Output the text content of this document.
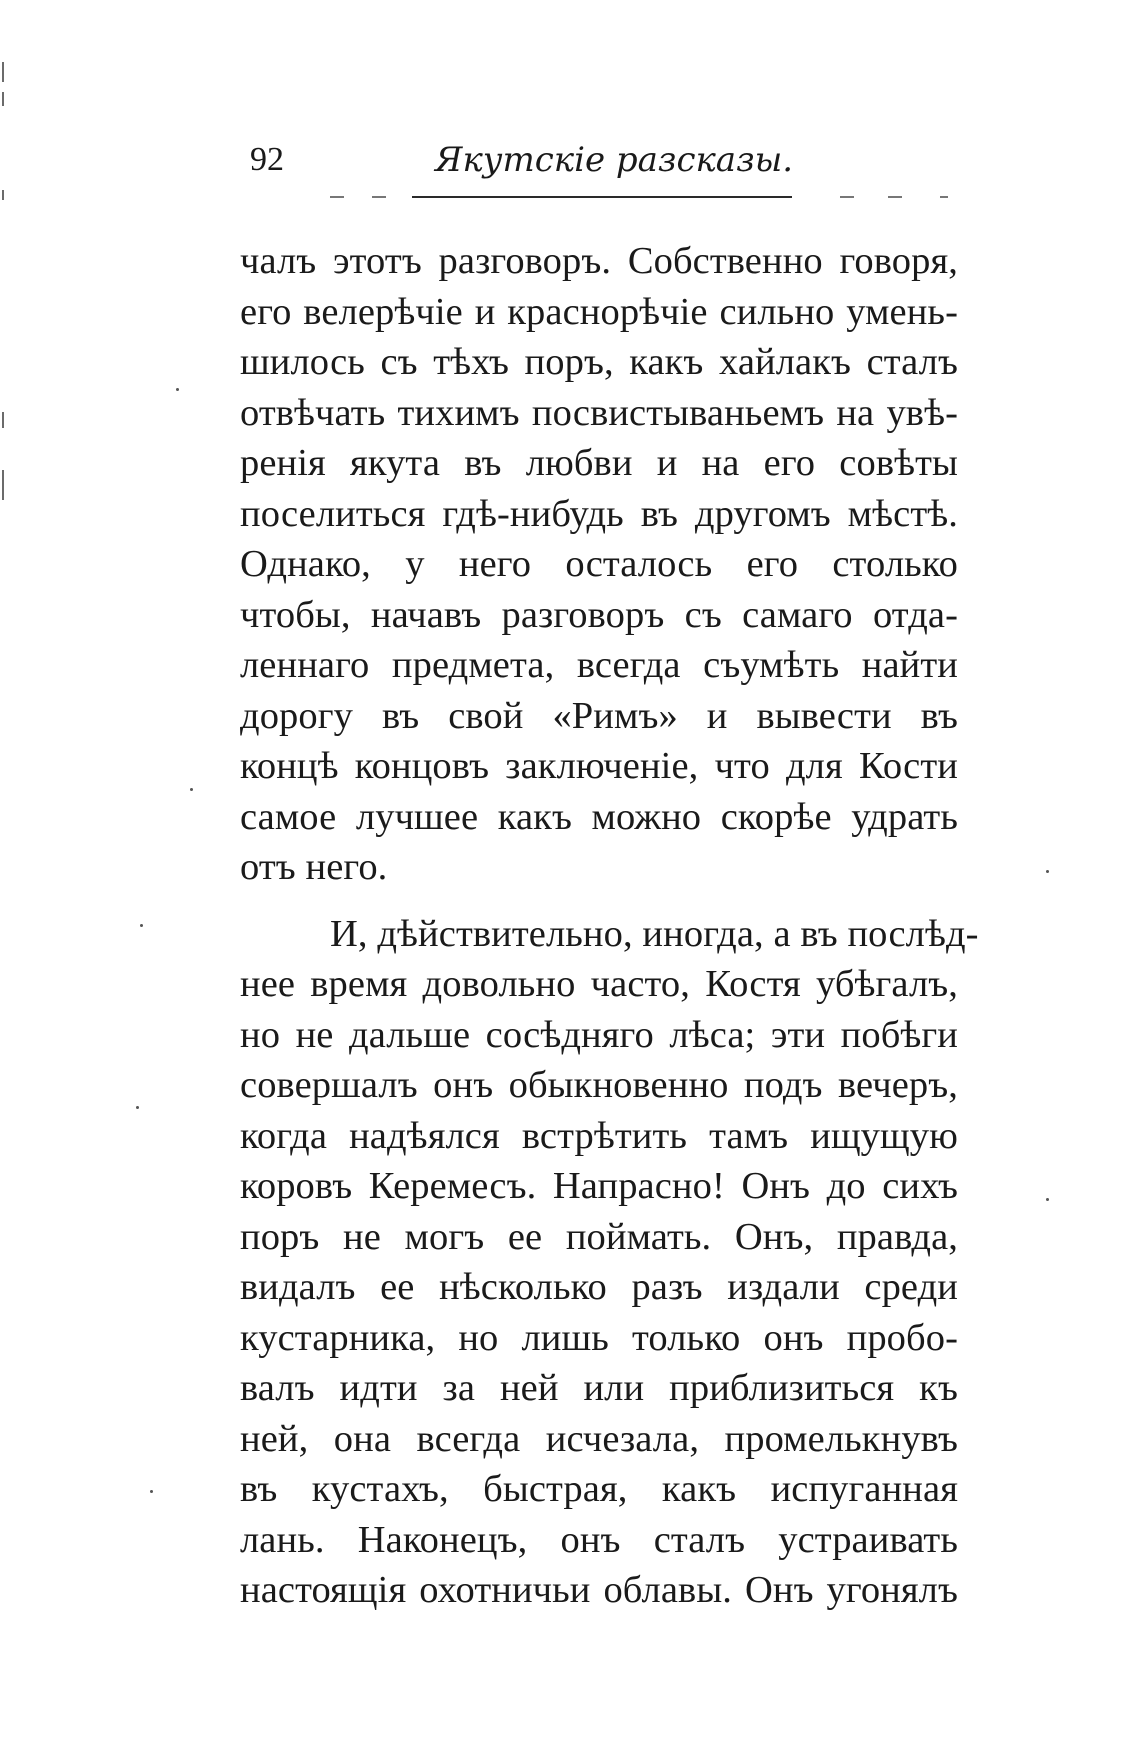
92	Якутскіе разсказы.

чалъ этотъ разговоръ. Собственно говоря,
его велерѣчіе и краснорѣчіе сильно умень-
шилось съ тѣхъ поръ, какъ хайлакъ сталъ
отвѣчать тихимъ посвистываньемъ на увѣ-
ренія якута въ любви и на его совѣты
поселиться гдѣ-нибудь въ другомъ мѣстѣ.
Однако, у него осталось его столько
чтобы, начавъ разговоръ съ самаго отда-
леннаго предмета, всегда съумѣть найти
дорогу въ свой «Римъ» и вывести въ
концѣ концовъ заключеніе, что для Кости
самое лучшее какъ можно скорѣе удрать
отъ него.

И, дѣйствительно, иногда, а въ послѣд-
нее время довольно часто, Костя убѣгалъ,
но не дальше сосѣдняго лѣса; эти побѣги
совершалъ онъ обыкновенно подъ вечеръ,
когда надѣялся встрѣтить тамъ ищущую
коровъ Керемесъ. Напрасно! Онъ до сихъ
поръ не могъ ее поймать. Онъ, правда,
видалъ ее нѣсколько разъ издали среди
кустарника, но лишь только онъ пробо-
валъ идти за ней или приблизиться къ
ней, она всегда исчезала, промелькнувъ
въ кустахъ, быстрая, какъ испуганная
лань. Наконецъ, онъ сталъ устраивать
настоящія охотничьи облавы. Онъ угонялъ
